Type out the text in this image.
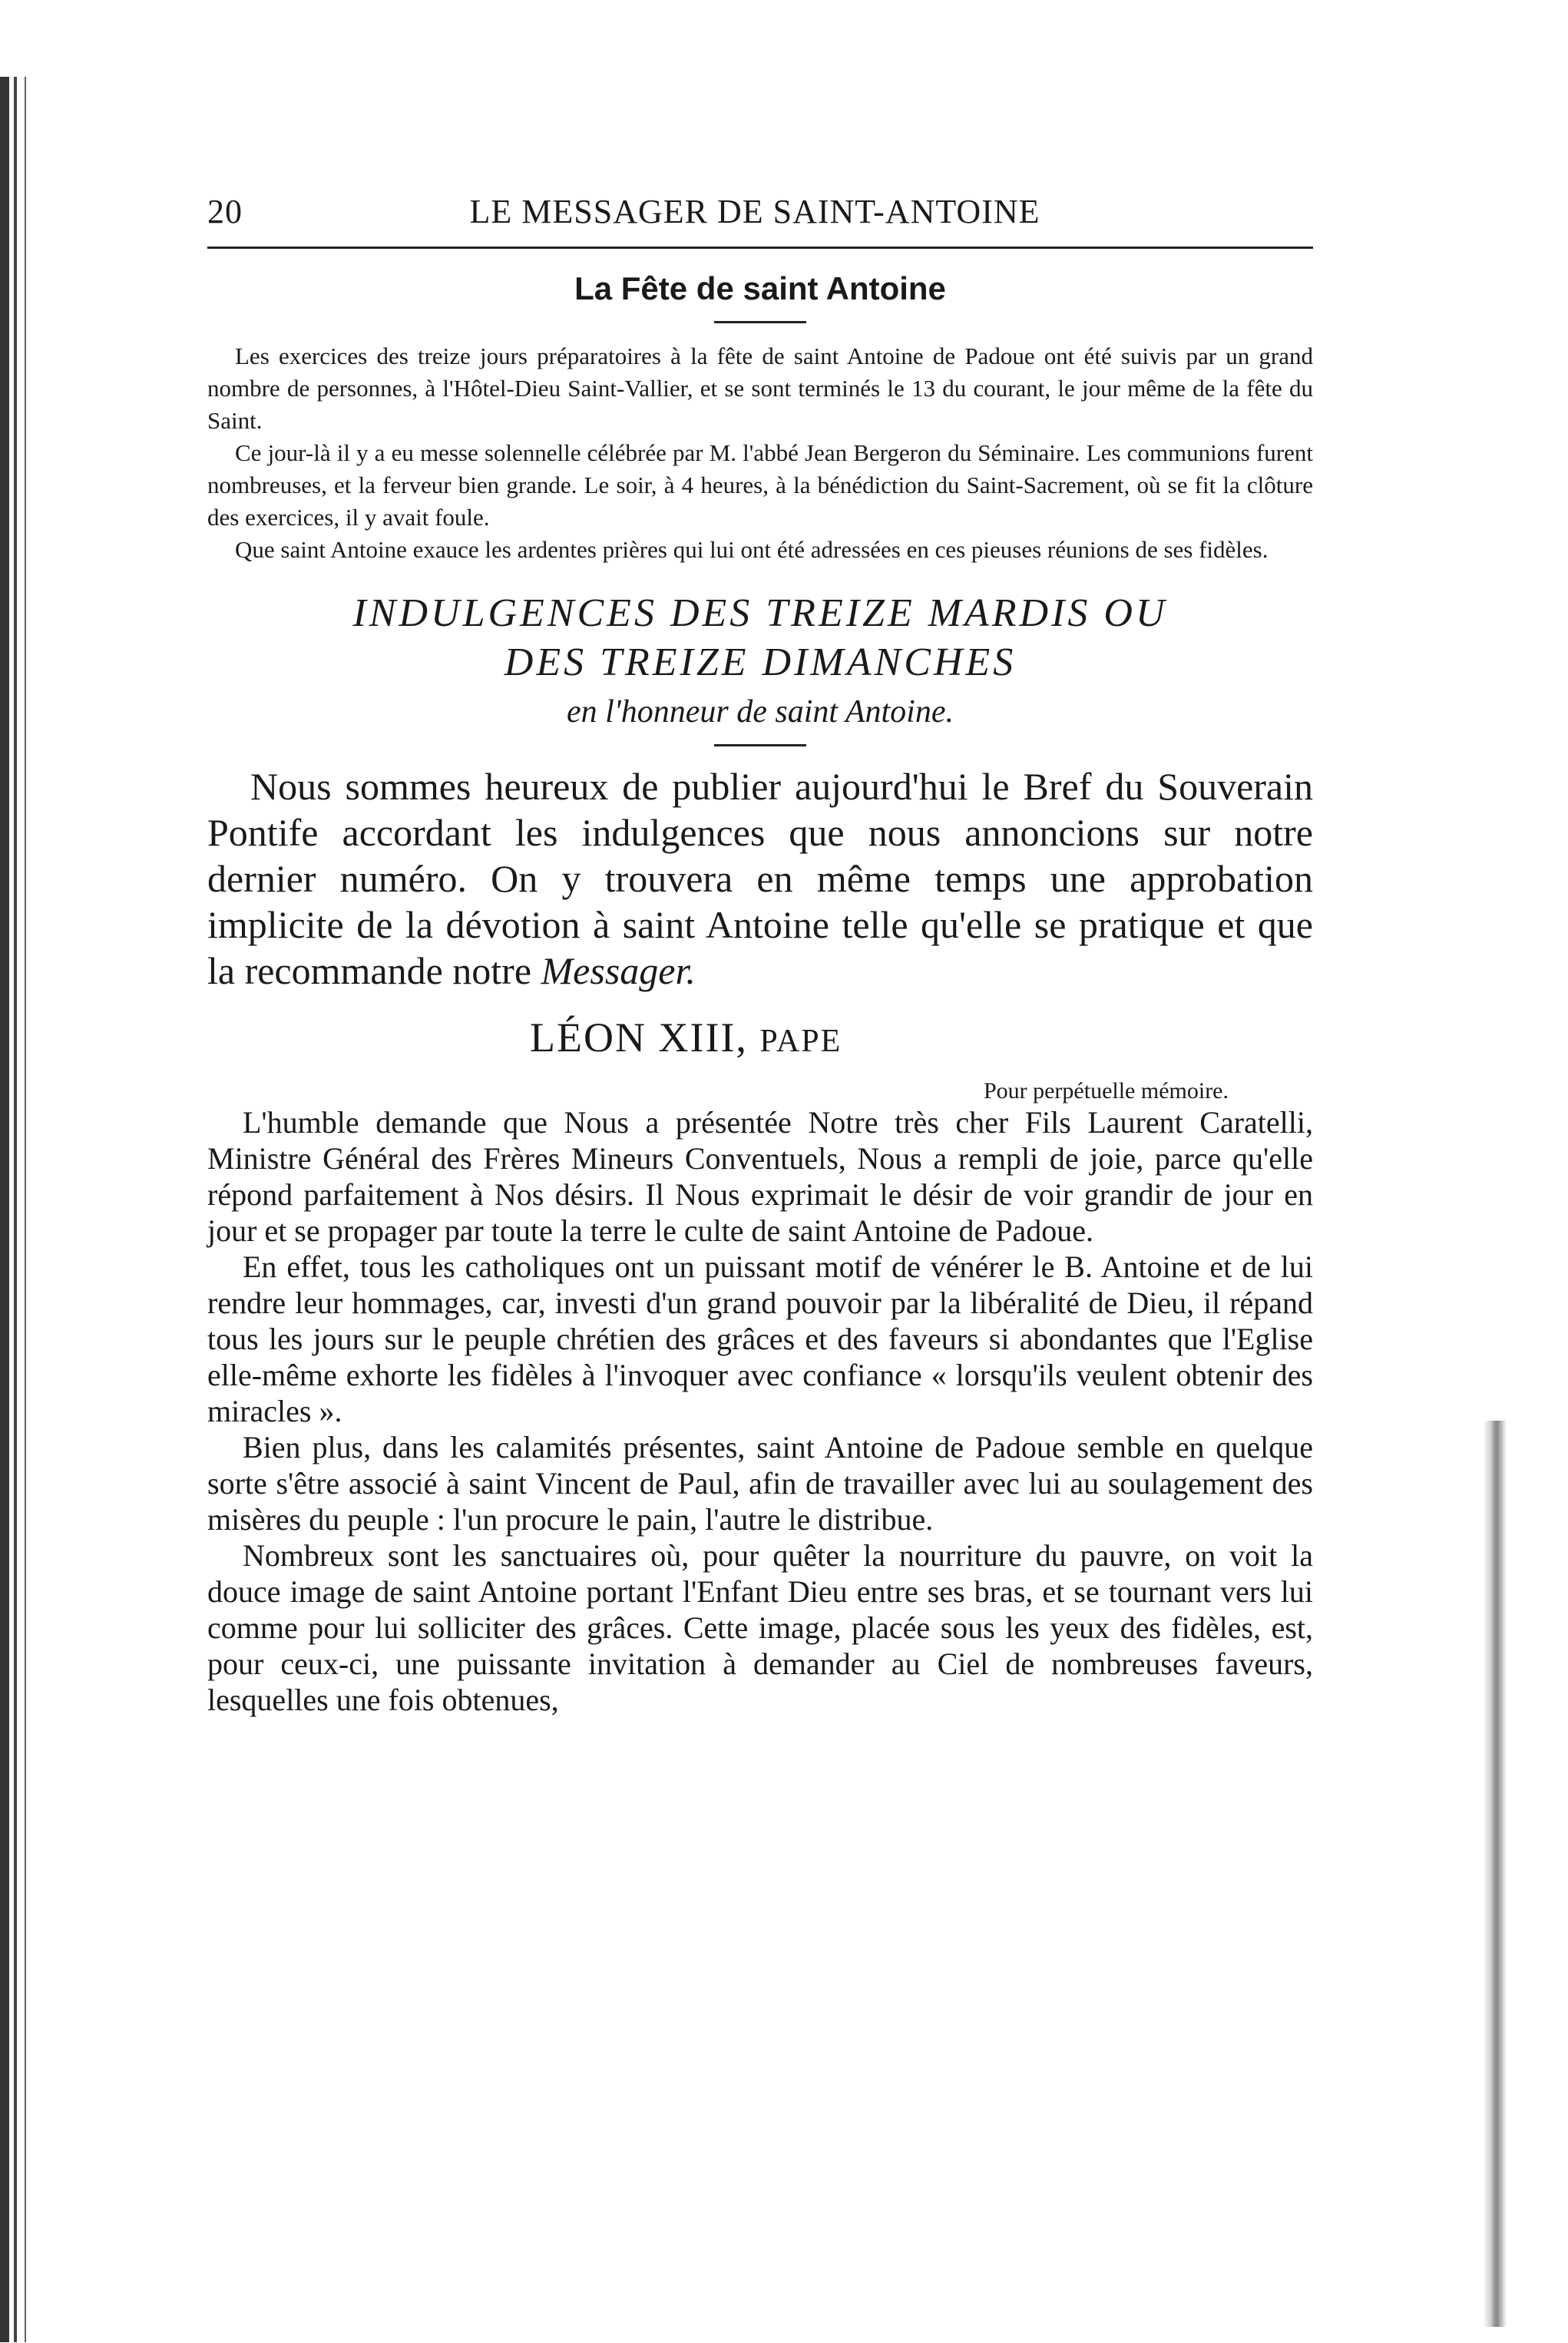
20	LE MESSAGER DE SAINT-ANTOINE
La Fête de saint Antoine

Les exercices des treize jours préparatoires à la fête de saint Antoine de Padoue ont été suivis par un grand nombre de personnes, à l'Hôtel-Dieu Saint-Vallier, et se sont terminés le 13 du courant, le jour même de la fête du Saint.

Ce jour-là il y a eu messe solennelle célébrée par M. l'abbé Jean Bergeron du Séminaire. Les communions furent nombreuses, et la ferveur bien grande. Le soir, à 4 heures, à la bénédiction du Saint-Sacrement, où se fit la clôture des exercices, il y avait foule.

Que saint Antoine exauce les ardentes prières qui lui ont été adressées en ces pieuses réunions de ses fidèles.

INDULGENCES DES TREIZE MARDIS OU
DES TREIZE DIMANCHES
en l'honneur de saint Antoine.

Nous sommes heureux de publier aujourd'hui le Bref du Souverain Pontife accordant les indulgences que nous annoncions sur notre dernier numéro. On y trouvera en même temps une approbation implicite de la dévotion à saint Antoine telle qu'elle se pratique et que la recommande notre Messager.

LÉON XIII, PAPE
Pour perpétuelle mémoire.

L'humble demande que Nous a présentée Notre très cher Fils Laurent Caratelli, Ministre Général des Frères Mineurs Conventuels, Nous a rempli de joie, parce qu'elle répond parfaitement à Nos désirs. Il Nous exprimait le désir de voir grandir de jour en jour et se propager par toute la terre le culte de saint Antoine de Padoue.

En effet, tous les catholiques ont un puissant motif de vénérer le B. Antoine et de lui rendre leur hommages, car, investi d'un grand pouvoir par la libéralité de Dieu, il répand tous les jours sur le peuple chrétien des grâces et des faveurs si abondantes que l'Eglise elle-même exhorte les fidèles à l'invoquer avec confiance « lorsqu'ils veulent obtenir des miracles ».

Bien plus, dans les calamités présentes, saint Antoine de Padoue semble en quelque sorte s'être associé à saint Vincent de Paul, afin de travailler avec lui au soulagement des misères du peuple : l'un procure le pain, l'autre le distribue.

Nombreux sont les sanctuaires où, pour quêter la nourriture du pauvre, on voit la douce image de saint Antoine portant l'Enfant Dieu entre ses bras, et se tournant vers lui comme pour lui solliciter des grâces. Cette image, placée sous les yeux des fidèles, est, pour ceux-ci, une puissante invitation à demander au Ciel de nombreuses faveurs, lesquelles une fois obtenues,
